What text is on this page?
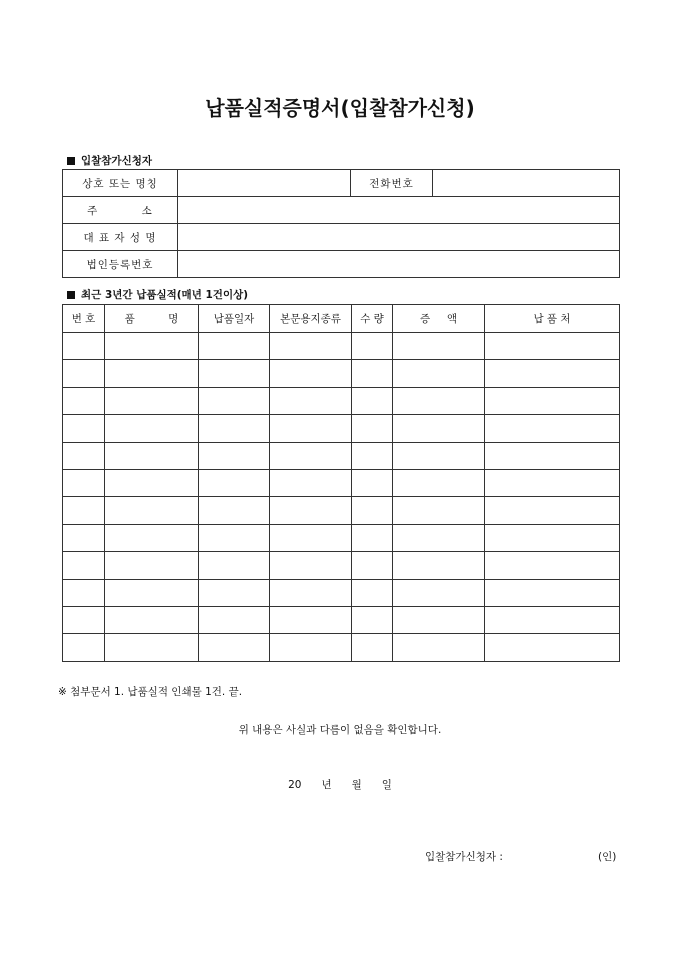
납품실적증명서(입찰참가신청)
입찰참가신청자
상호 또는 명칭		전화번호	
주          소			
대 표 자 성 명			
법인등록번호			
최근 3년간 납품실적(매년 1건이상)
번 호	품          명	납품일자	본문용지종류	수 량	증     액	납 품 처

※ 첨부문서 1. 납품실적 인쇄물 1건. 끝.
위 내용은 사실과 다름이 없음을 확인합니다.
20 년 월 일
입찰참가신청자 :	(인)
